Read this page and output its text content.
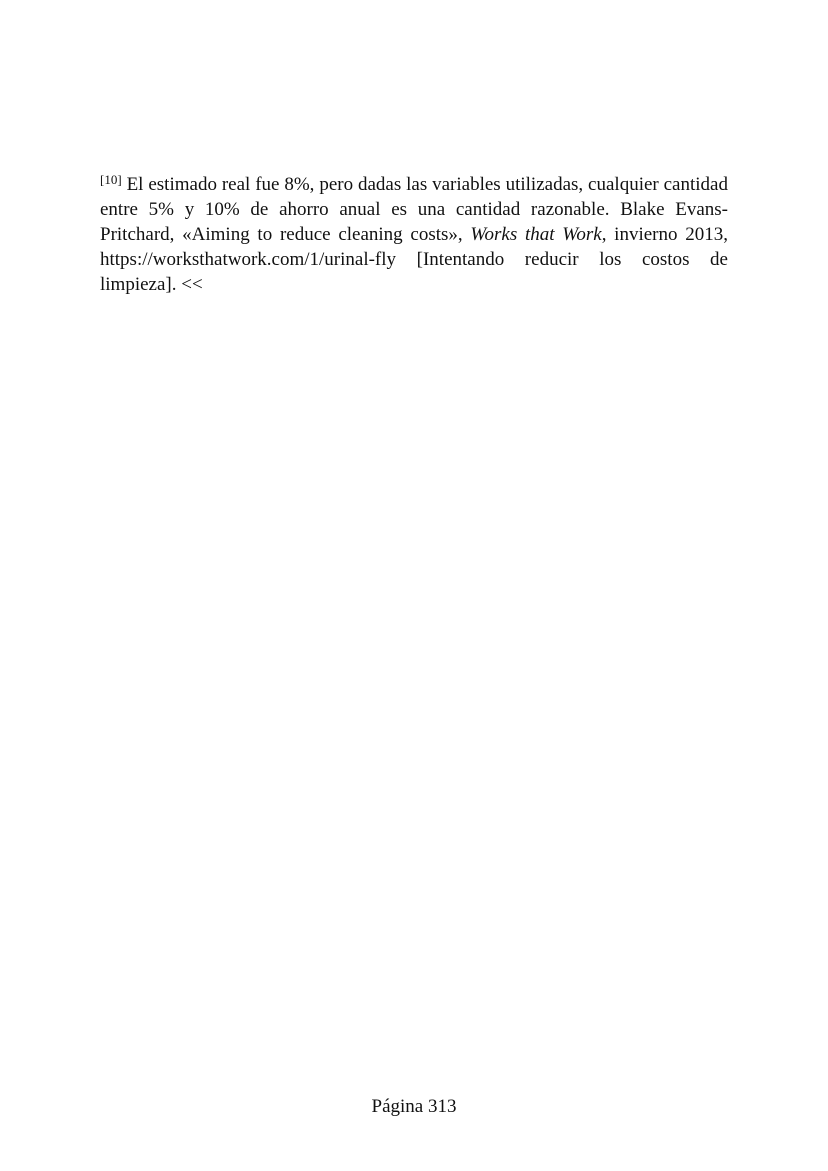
[10] El estimado real fue 8%, pero dadas las variables utilizadas, cualquier cantidad entre 5% y 10% de ahorro anual es una cantidad razonable. Blake Evans-Pritchard, «Aiming to reduce cleaning costs», Works that Work, invierno 2013, https://worksthatwork.com/1/urinal-fly [Intentando reducir los costos de limpieza]. <<
Página 313
